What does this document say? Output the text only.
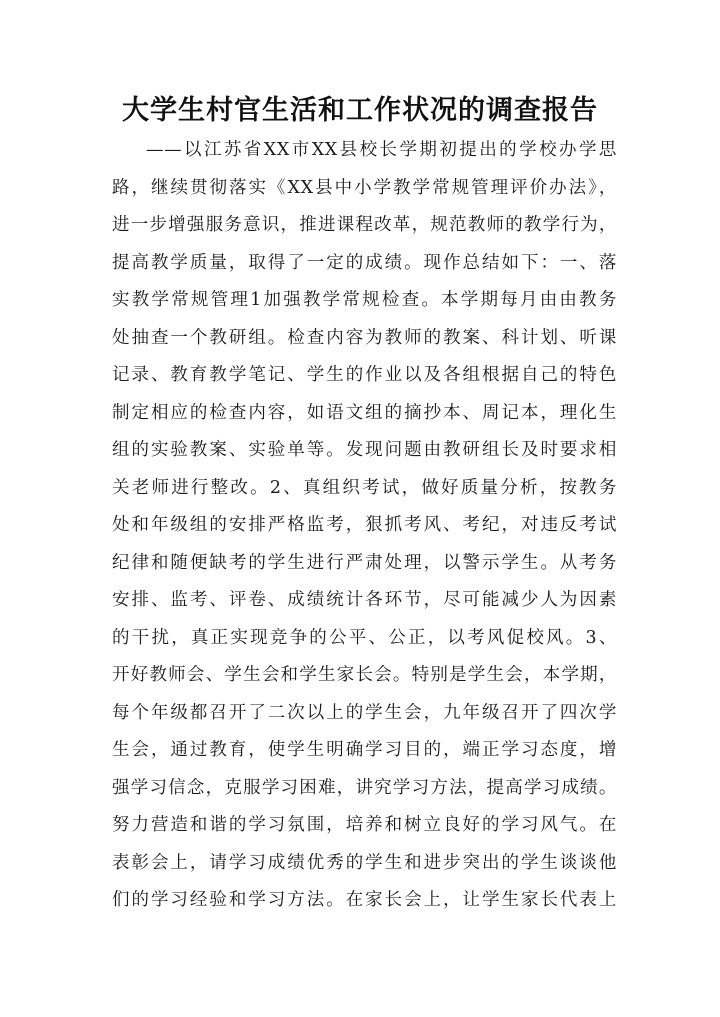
大学生村官生活和工作状况的调查报告
——以江苏省XX市XX县校长学期初提出的学校办学思
路，继续贯彻落实《XX县中小学教学常规管理评价办法》，
进一步增强服务意识，推进课程改革，规范教师的教学行为，
提高教学质量，取得了一定的成绩。现作总结如下：一、落
实教学常规管理1加强教学常规检查。本学期每月由由教务
处抽查一个教研组。检查内容为教师的教案、科计划、听课
记录、教育教学笔记、学生的作业以及各组根据自己的特色
制定相应的检查内容，如语文组的摘抄本、周记本，理化生
组的实验教案、实验单等。发现问题由教研组长及时要求相
关老师进行整改。2、真组织考试，做好质量分析，按教务
处和年级组的安排严格监考，狠抓考风、考纪，对违反考试
纪律和随便缺考的学生进行严肃处理，以警示学生。从考务
安排、监考、评卷、成绩统计各环节，尽可能减少人为因素
的干扰，真正实现竞争的公平、公正，以考风促校风。3、
开好教师会、学生会和学生家长会。特别是学生会，本学期，
每个年级都召开了二次以上的学生会，九年级召开了四次学
生会，通过教育，使学生明确学习目的，端正学习态度，增
强学习信念，克服学习困难，讲究学习方法，提高学习成绩。
努力营造和谐的学习氛围，培养和树立良好的学习风气。在
表彰会上，请学习成绩优秀的学生和进步突出的学生谈谈他
们的学习经验和学习方法。在家长会上，让学生家长代表上
